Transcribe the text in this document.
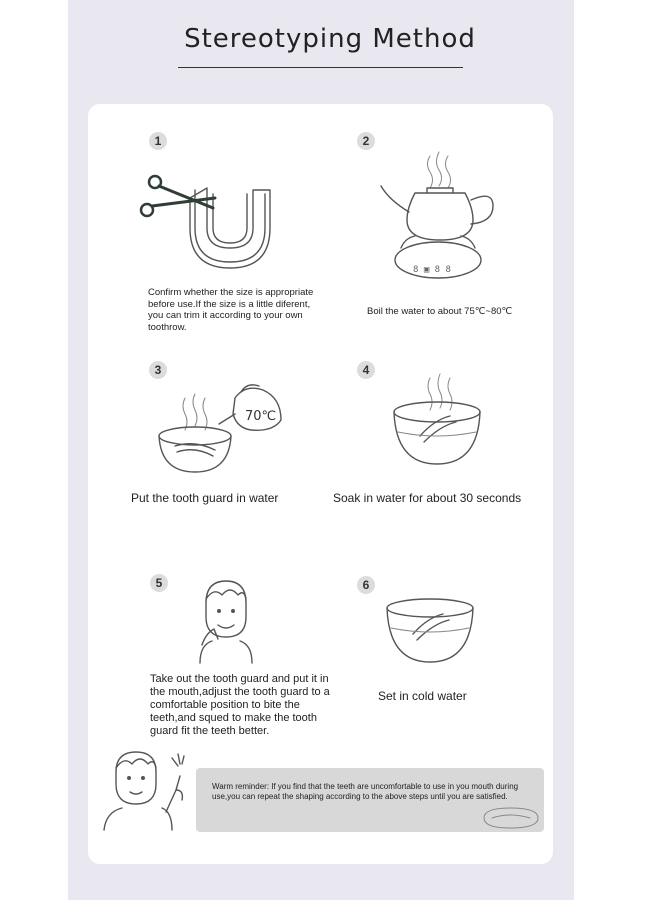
Stereotyping Method
1
Confirm whether the size is appropriate before use.If the size is a little diferent, you can trim it according to your own toothrow.
2
8 ▣ 8 8
Boil the water to about 75℃~80℃
3
70℃
Put the tooth guard in water
4
Soak in water for about 30 seconds
5
Take out the tooth guard and put it in the mouth,adjust the tooth guard to a comfortable position to bite the teeth,and squed to make the tooth guard fit the teeth better.
6
Set in cold water
Warm reminder: If you find that the teeth are uncomfortable to use in you mouth during use,you can repeat the shaping according to the above steps until you are satisfied.
